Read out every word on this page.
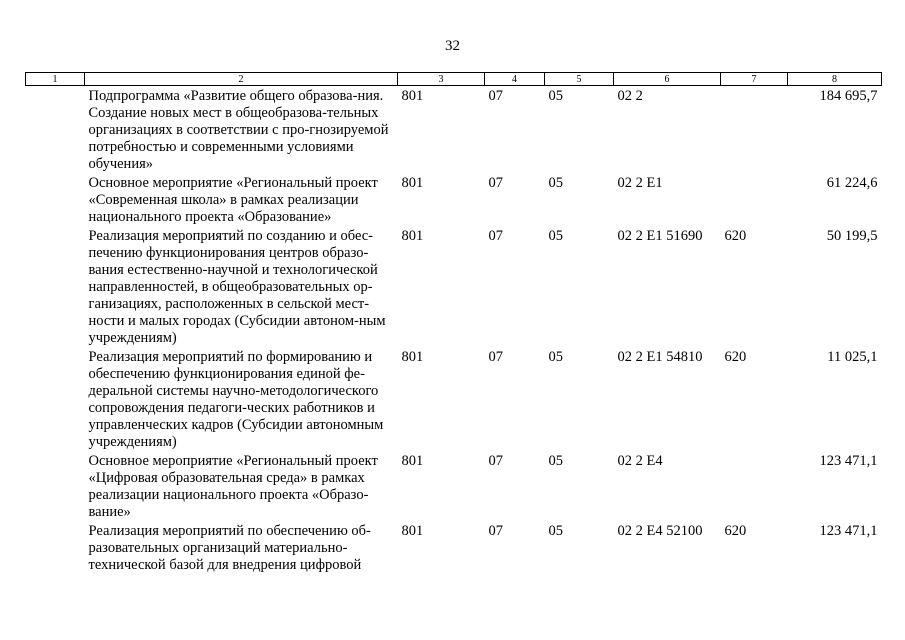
32
1	2	3	4	5	6	7	8
	Подпрограмма «Развитие общего образова-ния. Создание новых мест в общеобразова-тельных организациях в соответствии с про-гнозируемой потребностью и современными условиями обучения»	801	07	05	02 2		184 695,7
	Основное мероприятие «Региональный проект «Современная школа» в рамках реализации национального проекта «Образование»	801	07	05	02 2 E1		61 224,6
	Реализация мероприятий по созданию и обес-печению функционирования центров образо-вания естественно-научной и технологической направленностей, в общеобразовательных ор-ганизациях, расположенных в сельской мест-ности и малых городах (Субсидии автоном-ным учреждениям)	801	07	05	02 2 E1 51690	620	50 199,5
	Реализация мероприятий по формированию и обеспечению функционирования единой фе-деральной системы научно-методологического сопровождения педагоги-ческих работников и управленческих кадров (Субсидии автономным учреждениям)	801	07	05	02 2 E1 54810	620	11 025,1
	Основное мероприятие «Региональный проект «Цифровая образовательная среда» в рамках реализации национального проекта «Образо-вание»	801	07	05	02 2 E4		123 471,1
	Реализация мероприятий по обеспечению об-разовательных организаций материально-технической базой для внедрения цифровой	801	07	05	02 2 E4 52100	620	123 471,1
